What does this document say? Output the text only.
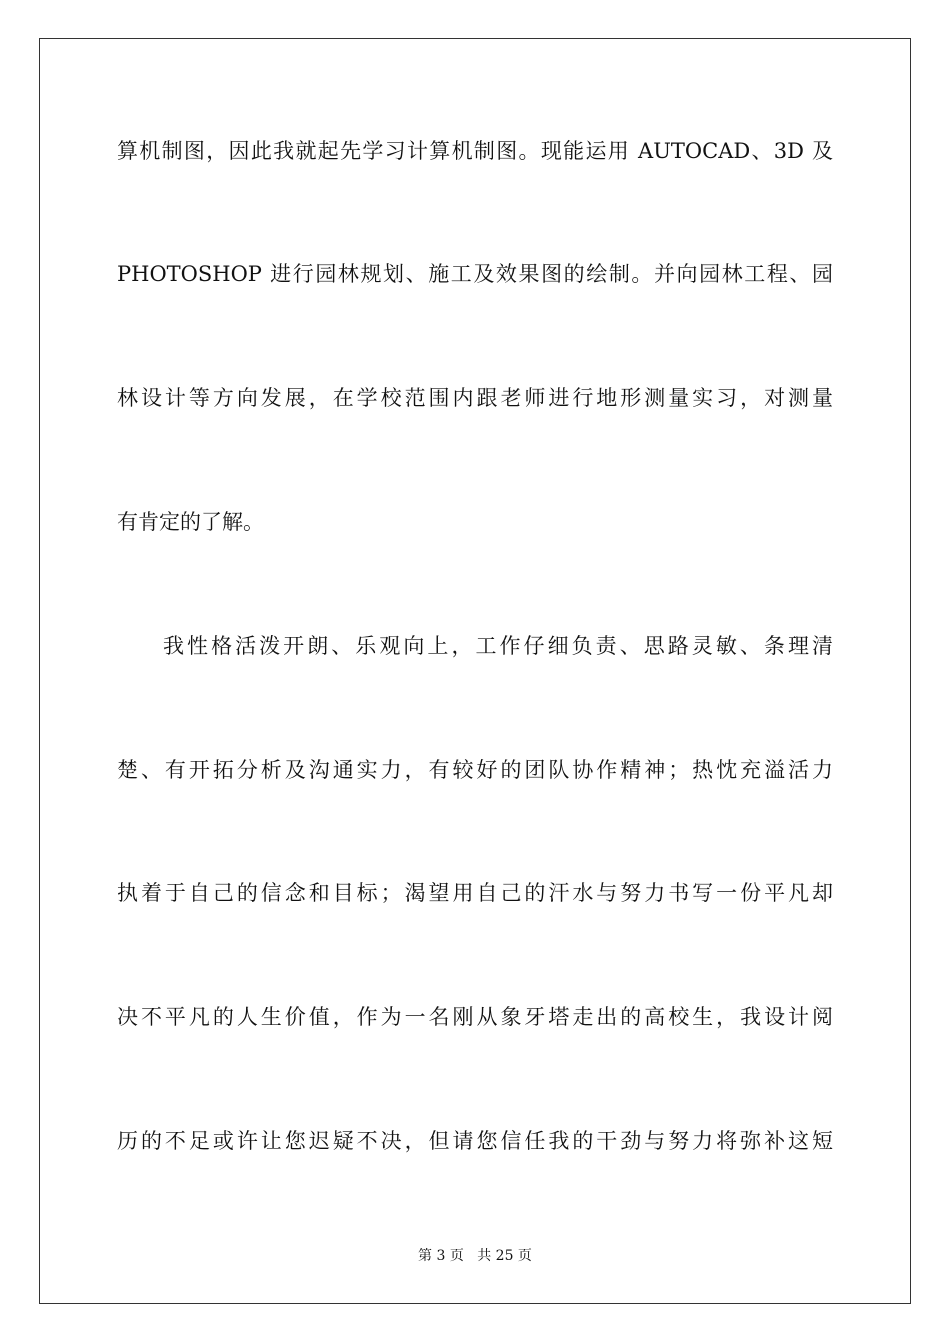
算机制图，因此我就起先学习计算机制图。现能运用 AUTOCAD、3D 及
PHOTOSHOP 进行园林规划、施工及效果图的绘制。并向园林工程、园
林设计等方向发展，在学校范围内跟老师进行地形测量实习，对测量
有肯定的了解。
我性格活泼开朗、乐观向上，工作仔细负责、思路灵敏、条理清
楚、有开拓分析及沟通实力，有较好的团队协作精神；热忱充溢活力
执着于自己的信念和目标；渴望用自己的汗水与努力书写一份平凡却
决不平凡的人生价值，作为一名刚从象牙塔走出的高校生，我设计阅
历的不足或许让您迟疑不决，但请您信任我的干劲与努力将弥补这短
第 3 页 共 25 页
